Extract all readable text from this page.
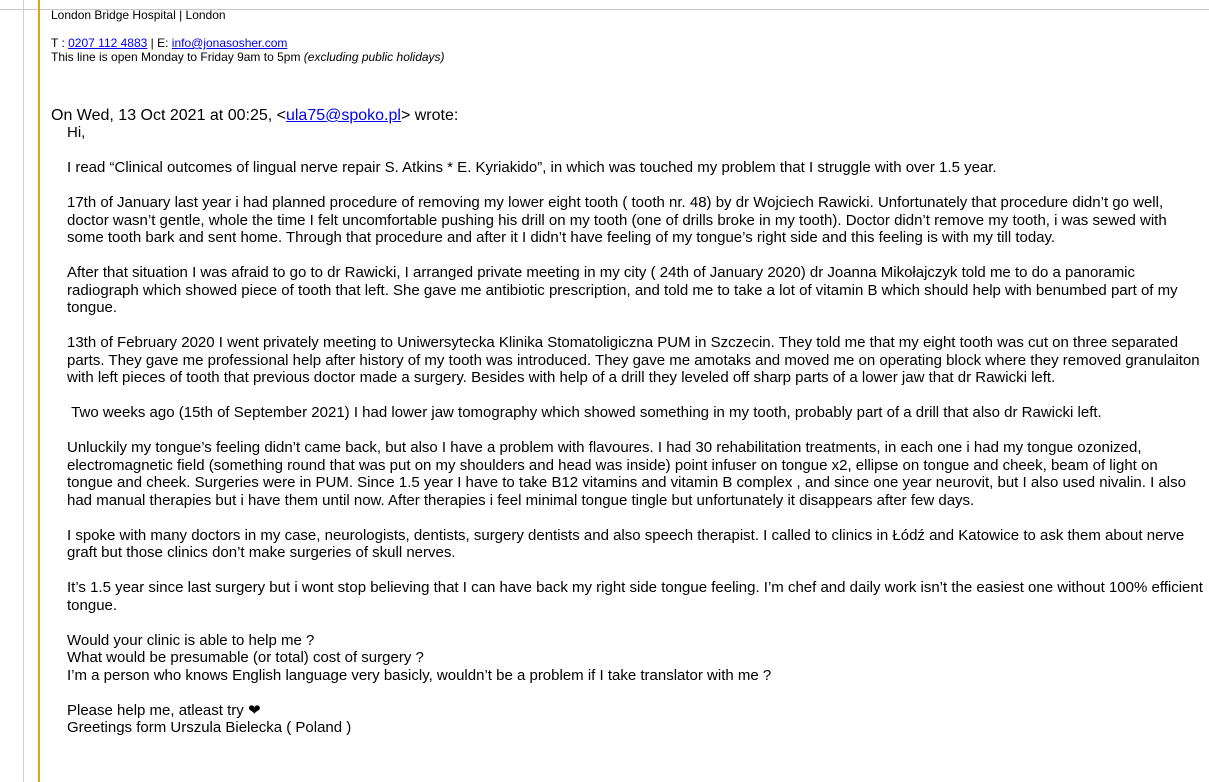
London Bridge Hospital | London

T : 0207 112 4883 | E: info@jonasosher.com

This line is open Monday to Friday 9am to 5pm (excluding public holidays)

On Wed, 13 Oct 2021 at 00:25, <ula75@spoko.pl> wrote:

Hi,

I read “Clinical outcomes of lingual nerve repair S. Atkins * E. Kyriakido”, in which was touched my problem that I struggle with over 1.5 year.

17th of January last year i had planned procedure of removing my lower eight tooth ( tooth nr. 48) by dr Wojciech Rawicki. Unfortunately that procedure didn’t go well, doctor wasn’t gentle, whole the time I felt uncomfortable pushing his drill on my tooth (one of drills broke in my tooth). Doctor didn’t remove my tooth, i was sewed with some tooth bark and sent home. Through that procedure and after it I didn’t have feeling of my tongue’s right side and this feeling is with my till today.

After that situation I was afraid to go to dr Rawicki, I arranged private meeting in my city ( 24th of January 2020) dr Joanna Mikołajczyk told me to do a panoramic radiograph which showed piece of tooth that left. She gave me antibiotic prescription, and told me to take a lot of vitamin B which should help with benumbed part of my tongue.

13th of February 2020 I went privately meeting to Uniwersytecka Klinika Stomatoligiczna PUM in Szczecin. They told me that my eight tooth was cut on three separated parts. They gave me professional help after history of my tooth was introduced. They gave me amotaks and moved me on operating block where they removed granulaiton with left pieces of tooth that previous doctor made a surgery. Besides with help of a drill they leveled off sharp parts of a lower jaw that dr Rawicki left.

Two weeks ago (15th of September 2021) I had lower jaw tomography which showed something in my tooth, probably part of a drill that also dr Rawicki left.

Unluckily my tongue’s feeling didn’t came back, but also I have a problem with flavoures. I had 30 rehabilitation treatments, in each one i had my tongue ozonized, electromagnetic field (something round that was put on my shoulders and head was inside) point infuser on tongue x2, ellipse on tongue and cheek, beam of light on tongue and cheek. Surgeries were in PUM. Since 1.5 year I have to take B12 vitamins and vitamin B complex , and since one year neurovit, but I also used nivalin. I also had manual therapies but i have them until now. After therapies i feel minimal tongue tingle but unfortunately it disappears after few days.

I spoke with many doctors in my case, neurologists, dentists, surgery dentists and also speech therapist. I called to clinics in Łódź and Katowice to ask them about nerve graft but those clinics don’t make surgeries of skull nerves.

It’s 1.5 year since last surgery but i wont stop believing that I can have back my right side tongue feeling. I’m chef and daily work isn’t the easiest one without 100% efficient tongue.

Would your clinic is able to help me ?

What would be presumable (or total) cost of surgery ?

I’m a person who knows English language very basicly, wouldn’t be a problem if I take translator with me ?

Please help me, atleast try ❤

Greetings form Urszula Bielecka ( Poland )
